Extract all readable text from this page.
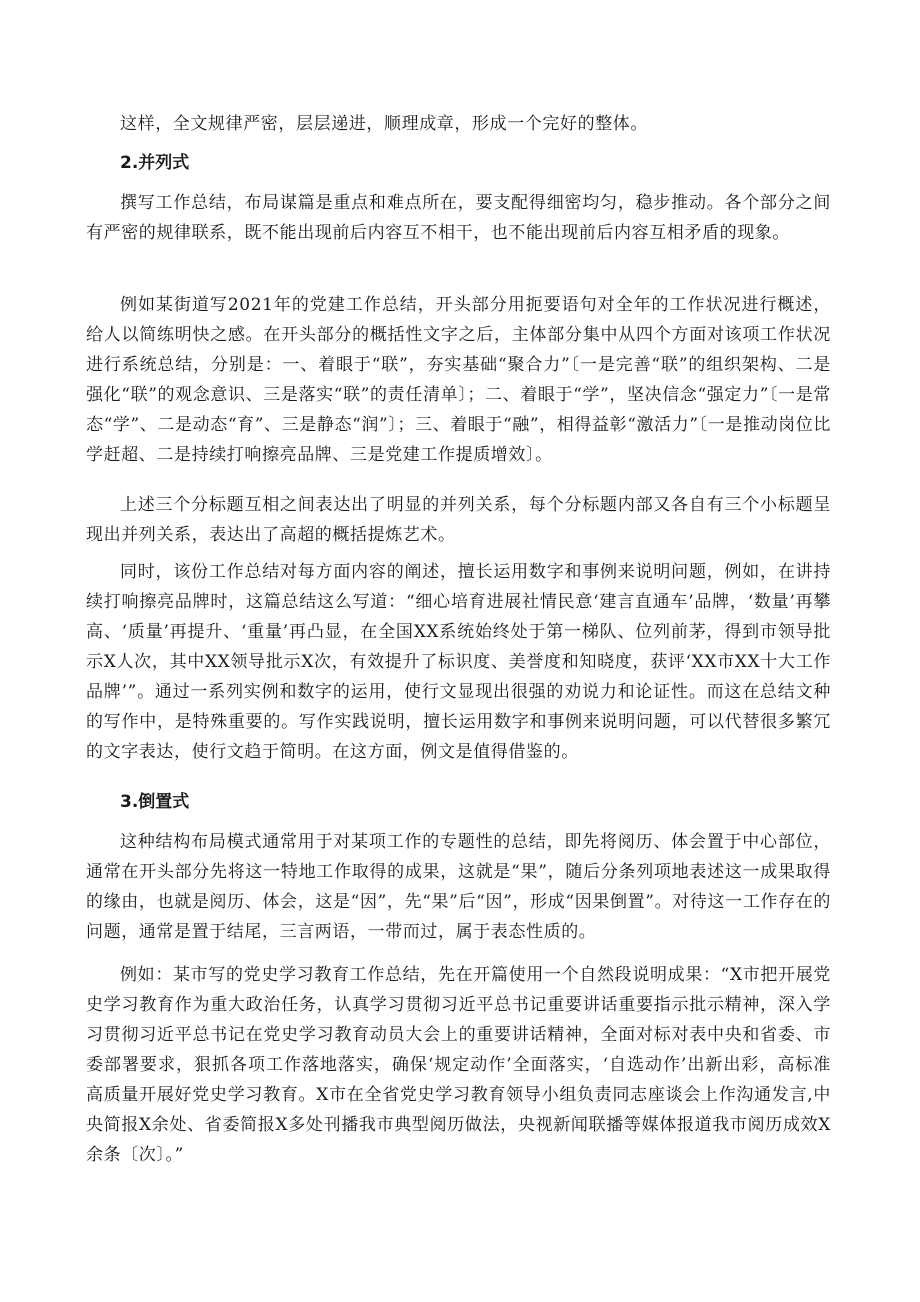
这样，全文规律严密，层层递进，顺理成章，形成一个完好的整体。

2.并列式

撰写工作总结，布局谋篇是重点和难点所在，要支配得细密均匀，稳步推动。各个部分之间有严密的规律联系，既不能出现前后内容互不相干，也不能出现前后内容互相矛盾的现象。

例如某街道写2021年的党建工作总结，开头部分用扼要语句对全年的工作状况进行概述，给人以简练明快之感。在开头部分的概括性文字之后，主体部分集中从四个方面对该项工作状况进行系统总结，分别是：一、着眼于“联”，夯实基础“聚合力”〔一是完善“联”的组织架构、二是强化“联”的观念意识、三是落实“联”的责任清单〕；二、着眼于“学”，坚决信念“强定力”〔一是常态“学”、二是动态“育”、三是静态“润”〕；三、着眼于“融”，相得益彰“激活力”〔一是推动岗位比学赶超、二是持续打响擦亮品牌、三是党建工作提质增效〕。

上述三个分标题互相之间表达出了明显的并列关系，每个分标题内部又各自有三个小标题呈现出并列关系，表达出了高超的概括提炼艺术。

同时，该份工作总结对每方面内容的阐述，擅长运用数字和事例来说明问题，例如，在讲持续打响擦亮品牌时，这篇总结这么写道：“细心培育进展社情民意‘建言直通车’品牌，‘数量’再攀高、‘质量’再提升、‘重量’再凸显，在全国XX系统始终处于第一梯队、位列前茅，得到市领导批示X人次，其中XX领导批示X次，有效提升了标识度、美誉度和知晓度，获评‘XX市XX十大工作品牌’”。通过一系列实例和数字的运用，使行文显现出很强的劝说力和论证性。而这在总结文种的写作中，是特殊重要的。写作实践说明，擅长运用数字和事例来说明问题，可以代替很多繁冗的文字表达，使行文趋于简明。在这方面，例文是值得借鉴的。

3.倒置式

这种结构布局模式通常用于对某项工作的专题性的总结，即先将阅历、体会置于中心部位，通常在开头部分先将这一特地工作取得的成果，这就是“果”，随后分条列项地表述这一成果取得的缘由，也就是阅历、体会，这是“因”，先“果”后“因”，形成“因果倒置”。对待这一工作存在的问题，通常是置于结尾，三言两语，一带而过，属于表态性质的。

例如：某市写的党史学习教育工作总结，先在开篇使用一个自然段说明成果：“X市把开展党史学习教育作为重大政治任务，认真学习贯彻习近平总书记重要讲话重要指示批示精神，深入学习贯彻习近平总书记在党史学习教育动员大会上的重要讲话精神，全面对标对表中央和省委、市委部署要求，狠抓各项工作落地落实，确保‘规定动作’全面落实，‘自选动作’出新出彩，高标准高质量开展好党史学习教育。X市在全省党史学习教育领导小组负责同志座谈会上作沟通发言,中央简报X余处、省委简报X多处刊播我市典型阅历做法，央视新闻联播等媒体报道我市阅历成效X余条〔次〕。”
